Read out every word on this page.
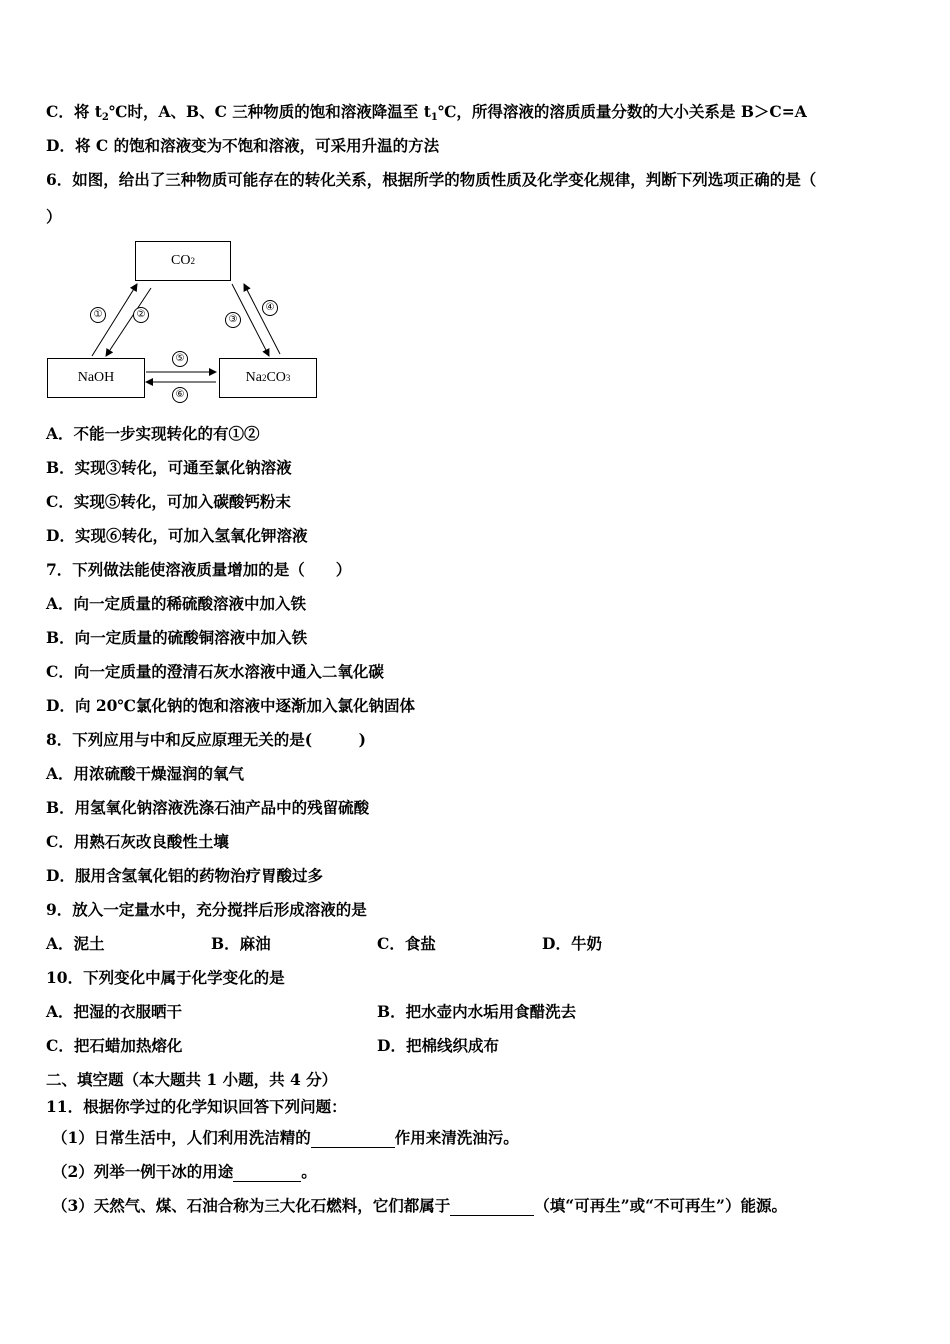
C．将 $t_2℃$时，A、B、C 三种物质的饱和溶液降温至 $t_1℃$，所得溶液的溶质质量分数的大小关系是 B＞C=A
D．将 C 的饱和溶液变为不饱和溶液，可采用升温的方法
6．如图，给出了三种物质可能存在的转化关系，根据所学的物质性质及化学变化规律，判断下列选项正确的是（
）
CO 2
NaOH	Na 2 CO 3
①	②	③
④
⑤
⑥
A．不能一步实现转化的有①②
B．实现③转化，可通至氯化钠溶液
C．实现⑤转化，可加入碳酸钙粉末
D．实现⑥转化，可加入氢氧化钾溶液
7．下列做法能使溶液质量增加的是（　　）
A．向一定质量的稀硫酸溶液中加入铁
B．向一定质量的硫酸铜溶液中加入铁
C．向一定质量的澄清石灰水溶液中通入二氧化碳
D．向 20℃氯化钠的饱和溶液中逐渐加入氯化钠固体
8．下列应用与中和反应原理无关的是(　　　)
A．用浓硫酸干燥湿润的氧气
B．用氢氧化钠溶液洗涤石油产品中的残留硫酸
C．用熟石灰改良酸性土壤
D．服用含氢氧化铝的药物治疗胃酸过多
9．放入一定量水中，充分搅拌后形成溶液的是
A．泥土	B．麻油	C．食盐	D．牛奶
10．下列变化中属于化学变化的是
A．把湿的衣服晒干	B．把水壶内水垢用食醋洗去
C．把石蜡加热熔化	D．把棉线织成布
二、填空题（本大题共 1 小题，共 4 分）
11．根据你学过的化学知识回答下列问题：
（1）日常生活中，人们利用洗洁精的	作用来清洗油污。
（2）列举一例干冰的用途	。
（3）天然气、煤、石油合称为三大化石燃料，它们都属于	（填“可再生”或“不可再生”）能源。
